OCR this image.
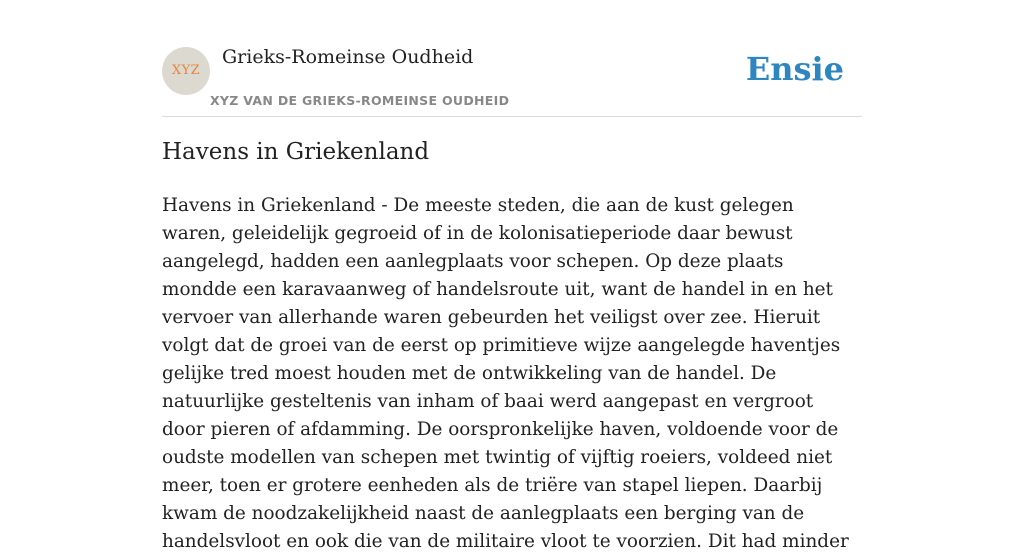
XYZ
Grieks-Romeinse Oudheid
XYZ VAN DE GRIEKS-ROMEINSE OUDHEID
Ensie
Havens in Griekenland

Havens in Griekenland - De meeste steden, die aan de kust gelegen waren, geleidelijk gegroeid of in de kolonisatieperiode daar bewust aangelegd, hadden een aanlegplaats voor schepen. Op deze plaats mondde een karavaanweg of handelsroute uit, want de handel in en het vervoer van allerhande waren gebeurden het veiligst over zee. Hieruit volgt dat de groei van de eerst op primitieve wijze aangelegde haventjes gelijke tred moest houden met de ontwikkeling van de handel. De natuurlijke gesteltenis van inham of baai werd aangepast en vergroot door pieren of afdamming. De oorspronkelijke haven, voldoende voor de oudste modellen van schepen met twintig of vijftig roeiers, voldeed niet meer, toen er grotere eenheden als de triëre van stapel liepen. Daarbij kwam de noodzakelijkheid naast de aanlegplaats een berging van de handelsvloot en ook die van de militaire vloot te voorzien. Dit had minder
